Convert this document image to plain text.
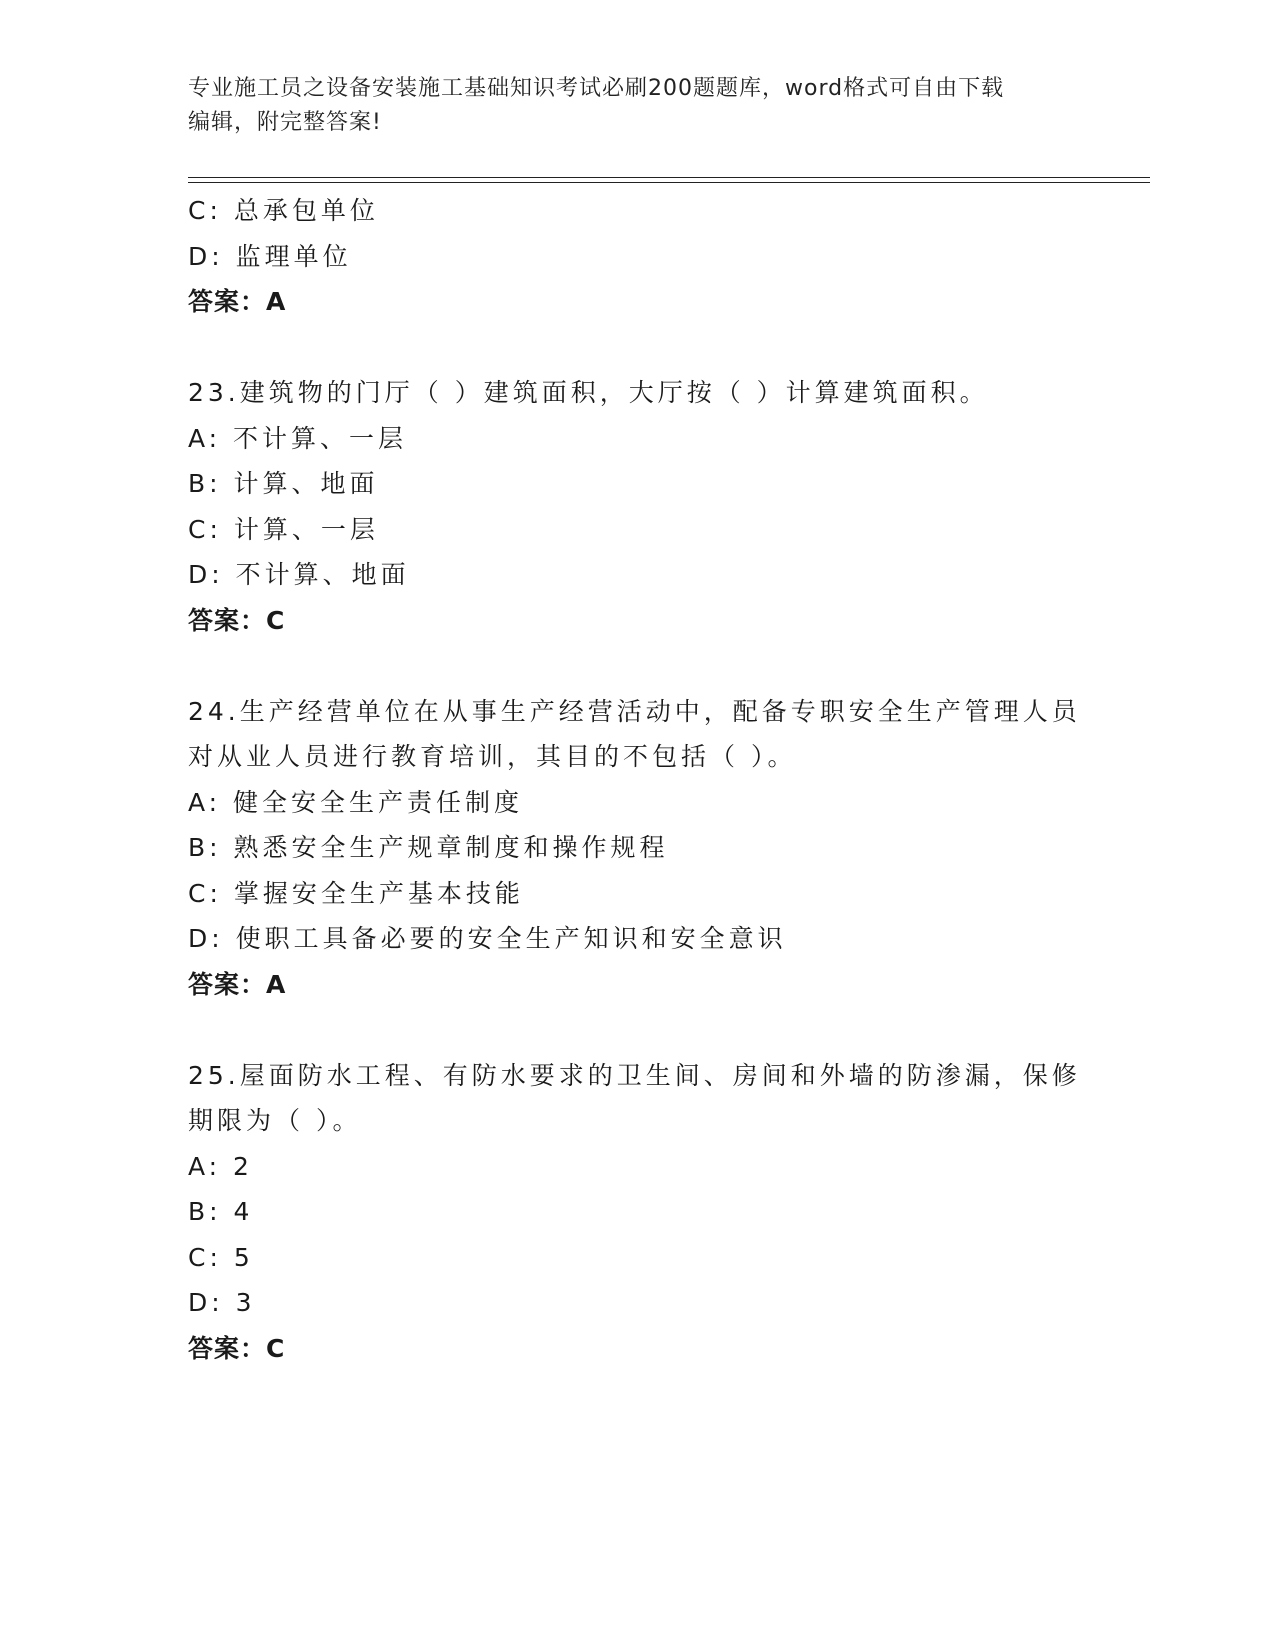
专业施工员之设备安装施工基础知识考试必刷200题题库，word格式可自由下载
编辑，附完整答案!
C: 总承包单位
D: 监理单位
答案：A
23.建筑物的门厅（ ）建筑面积，大厅按（ ）计算建筑面积。
A: 不计算、一层
B: 计算、地面
C: 计算、一层
D: 不计算、地面
答案：C
24.生产经营单位在从事生产经营活动中，配备专职安全生产管理人员
对从业人员进行教育培训，其目的不包括（ ）。
A: 健全安全生产责任制度
B: 熟悉安全生产规章制度和操作规程
C: 掌握安全生产基本技能
D: 使职工具备必要的安全生产知识和安全意识
答案：A
25.屋面防水工程、有防水要求的卫生间、房间和外墙的防渗漏，保修
期限为（ ）。
A: 2
B: 4
C: 5
D: 3
答案：C
